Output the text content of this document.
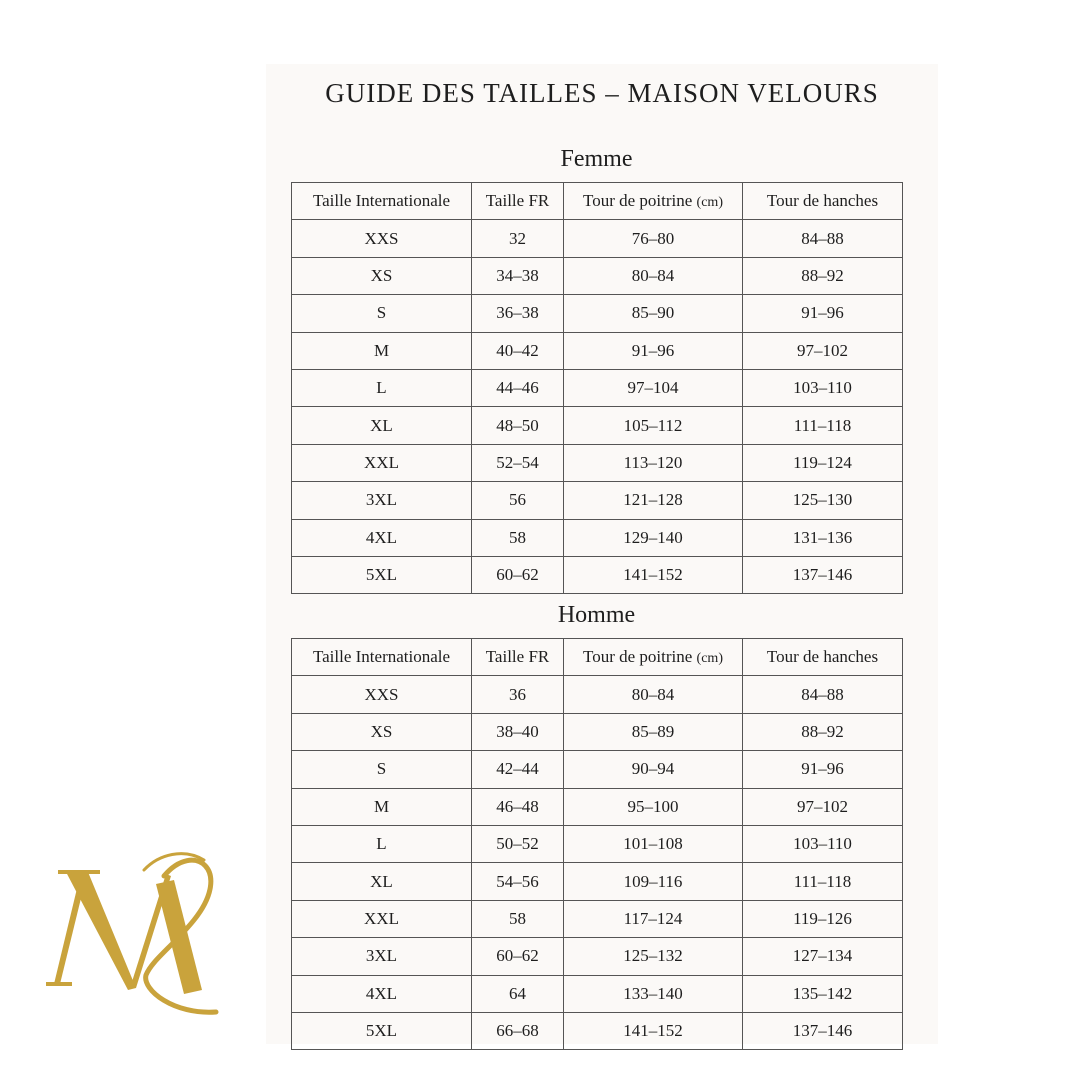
GUIDE DES TAILLES – MAISON VELOURS
Femme
Taille Internationale	Taille FR	Tour de poitrine (cm)	Tour de hanches
XXS	32	76–80	84–88
XS	34–38	80–84	88–92
S	36–38	85–90	91–96
M	40–42	91–96	97–102
L	44–46	97–104	103–110
XL	48–50	105–112	111–118
XXL	52–54	113–120	119–124
3XL	56	121–128	125–130
4XL	58	129–140	131–136
5XL	60–62	141–152	137–146
Homme
Taille Internationale	Taille FR	Tour de poitrine (cm)	Tour de hanches
XXS	36	80–84	84–88
XS	38–40	85–89	88–92
S	42–44	90–94	91–96
M	46–48	95–100	97–102
L	50–52	101–108	103–110
XL	54–56	109–116	111–118
XXL	58	117–124	119–126
3XL	60–62	125–132	127–134
4XL	64	133–140	135–142
5XL	66–68	141–152	137–146
